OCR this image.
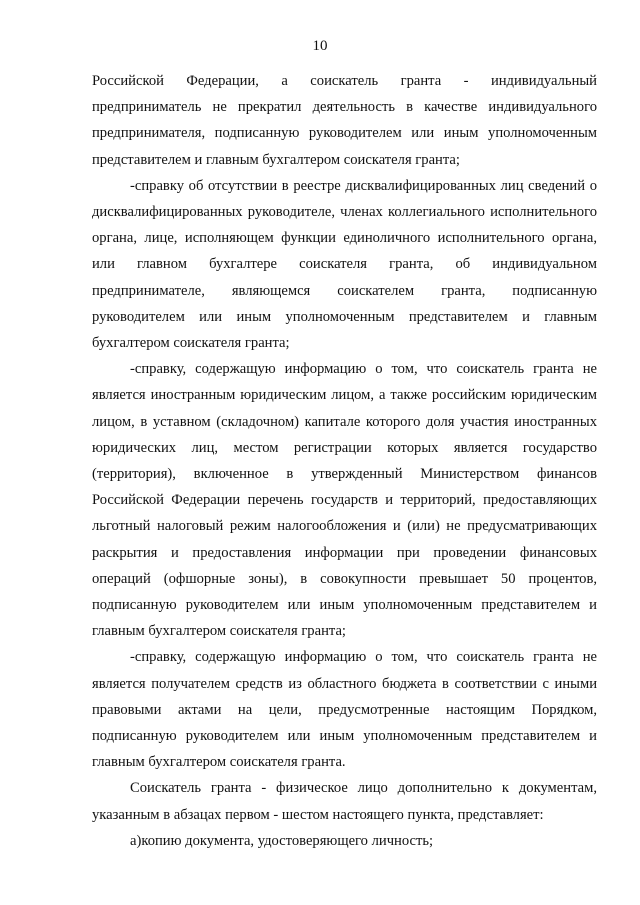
10

Российской Федерации, а соискатель гранта - индивидуальный предприниматель не прекратил деятельность в качестве индивидуального предпринимателя, подписанную руководителем или иным уполномоченным представителем и главным бухгалтером соискателя гранта;

-справку об отсутствии в реестре дисквалифицированных лиц сведений о дисквалифицированных руководителе, членах коллегиального исполнительного органа, лице, исполняющем функции единоличного исполнительного органа, или главном бухгалтере соискателя гранта, об индивидуальном предпринимателе, являющемся соискателем гранта, подписанную руководителем или иным уполномоченным представителем и главным бухгалтером соискателя гранта;

-справку, содержащую информацию о том, что соискатель гранта не является иностранным юридическим лицом, а также российским юридическим лицом, в уставном (складочном) капитале которого доля участия иностранных юридических лиц, местом регистрации которых является государство (территория), включенное в утвержденный Министерством финансов Российской Федерации перечень государств и территорий, предоставляющих льготный налоговый режим налогообложения и (или) не предусматривающих раскрытия и предоставления информации при проведении финансовых операций (офшорные зоны), в совокупности превышает 50 процентов, подписанную руководителем или иным уполномоченным представителем и главным бухгалтером соискателя гранта;

-справку, содержащую информацию о том, что соискатель гранта не является получателем средств из областного бюджета в соответствии с иными правовыми актами на цели, предусмотренные настоящим Порядком, подписанную руководителем или иным уполномоченным представителем и главным бухгалтером соискателя гранта.

Соискатель гранта - физическое лицо дополнительно к документам, указанным в абзацах первом - шестом настоящего пункта, представляет:

а)копию документа, удостоверяющего личность;
